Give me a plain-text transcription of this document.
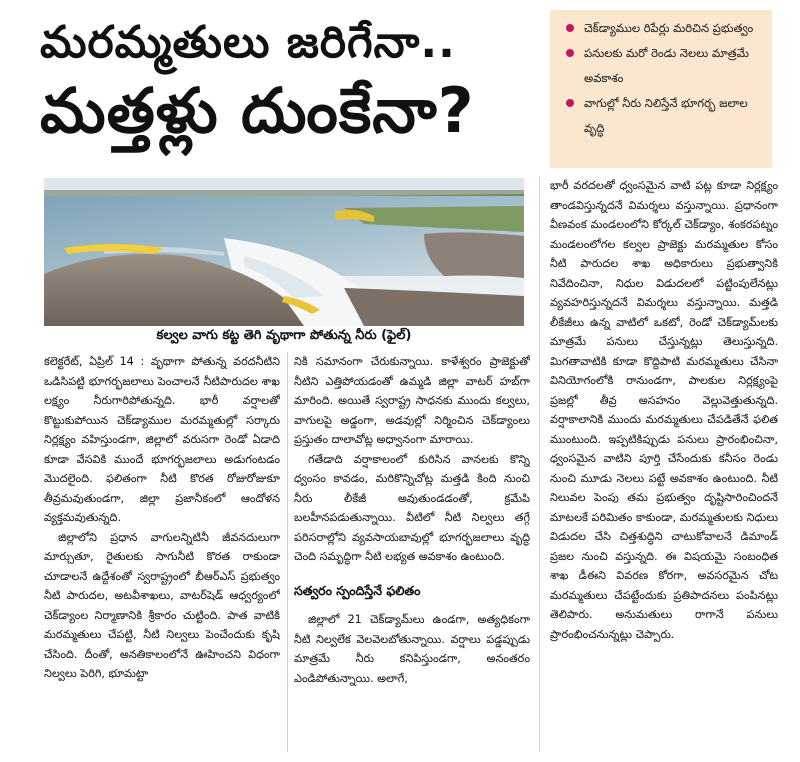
మరమ్మతులు జరిగేనా..
మత్తళ్లు దుంకేనా?
చెక్‌డ్యాముల రిపేర్లు మరిచిన ప్రభుత్వం
పనులకు మరో రెండు నెలలు మాత్రమే అవకాశం
వాగుల్లో నీరు నిలిస్తేనే భూగర్భ జలాల వృద్ధి
కల్వల వాగు కట్ట తెగి వృథాగా పోతున్న నీరు (ఫైల్)

కలెక్టరేట్, ఏప్రిల్ 14 : వృథాగా పోతున్న వరదనీటిని ఒడిసిపట్టి భూగర్భజలాలు పెంచాలనే నీటిపారుదల శాఖ లక్ష్యం నీరుగారిపోతున్నది. భారీ వర్షాలతో కొట్టుకుపోయిన చెక్‌డ్యాముల మరమ్మతుల్లో సర్కారు నిర్లక్ష్యం వహిస్తుండగా, జిల్లాలో వరుసగా రెండో ఏడాది కూడా వేసవికి ముందే భూగర్భజలాలు అడుగంటడం మొదలైంది. ఫలితంగా నీటి కొరత రోజురోజుకూ తీవ్రమవుతుండగా, జిల్లా ప్రజానీకంలో ఆందోళన వ్యక్తమవుతున్నది.

జిల్లాలోని ప్రధాన వాగులన్నిటినీ జీవనదులుగా మార్చుతూ, రైతులకు సాగునీటి కొరత రాకుండా చూడాలనే ఉద్దేశంతో స్వరాష్ట్రంలో బీఆర్‌ఎస్ ప్రభుత్వం నీటి పారుదల, అటవీశాఖలు, వాటర్‌షెడ్ ఆధ్వర్యంలో చెక్‌డ్యాంల నిర్మాణానికి శ్రీకారం చుట్టింది. పాత వాటికి మరమ్మతులు చేపట్టి, నీటి నిల్వలు పెంచేందుకు కృషి చేసింది. దీంతో, అనతికాలంలోనే ఊహించని విధంగా నిల్వలు పెరిగి, భూమట్టా

నికి సమానంగా చేరుకున్నాయి. కాళేశ్వరం ప్రాజెక్టుతో నీటిని ఎత్తిపోయడంతో ఉమ్మడి జిల్లా వాటర్ హబ్‌గా మారింది. అయితే స్వరాష్ట్ర సాధనకు ముందు కల్వలు, వాగులపై అడ్డంగా, అడవుల్లో నిర్మించిన చెక్‌డ్యాంలు ప్రస్తుతం దాలావోట్ల అధ్వానంగా మారాయి.

గతేడాది వర్షాకాలంలో కురిసిన వానలకు కొన్ని ధ్వంసం కావడం, మరికొన్నిచోట్ల మత్తడి కింది నుంచి నీరు లీకేజీ అవుతుండడంతో, క్రమేపి బలహీనపడుతున్నాయి. వీటిలో నీటి నిల్వలు తగ్గే పరిసరాల్లోని వ్యవసాయబావుల్లో భూగర్భజలాలు వృద్ధి చెంది సమృద్ధిగా నీటి లభ్యత అవకాశం ఉంటుంది.

సత్వరం స్పందిస్తేనే ఫలితం

జిల్లాలో 21 చెక్‌డ్యామ్‌లు ఉండగా, అత్యధికంగా నీటి నిల్వలేక వెలవెలబోతున్నాయి. వర్షాలు పడ్డప్పుడు మాత్రమే నీరు కనిపిస్తుండగా, అనంతరం ఎండిపోతున్నాయి. అలాగే,

భారీ వరదలతో ధ్వంసమైన వాటి పట్ల కూడా నిర్లక్ష్యం తాండవిస్తున్నదనే విమర్శలు వస్తున్నాయి. ప్రధానంగా వీణవంక మండలంలోని కోర్కల్ చెక్‌డ్యాం, శంకరపట్నం మండలంలోగల కల్వల ప్రాజెక్టు మరమ్మతుల కోసం నీటి పారుదల శాఖ అధికారులు ప్రభుత్వానికి నివేదించినా, నిధుల విడుదలలో పట్టింపులేనట్లు వ్యవహరిస్తున్నదనే విమర్శలు వస్తున్నాయి. మత్తడి లీకేజీలు ఉన్న వాటిలో ఒకటో, రెండో చెక్‌డ్యామ్‌లకు మాత్రమే పనులు చేస్తున్నట్లు తెలుస్తున్నది. మిగతావాటికి కూడా కొద్దిపాటి మరమ్మతులు చేసినా వినియోగంలోకి రానుండగా, పాలకుల నిర్లక్ష్యంపై ప్రజల్లో తీవ్ర అసహనం వెల్లువెత్తుతున్నది. వర్షాకాలానికి ముందు మరమ్మతులు చేపడితేనే ఫలిత ముంటుంది. ఇప్పటికిప్పుడు పనులు ప్రారంభించినా, ధ్వంసమైన వాటిని పూర్తి చేసేందుకు కనీసం రెండు నుంచి మూడు నెలలు పట్టే అవకాశం ఉంటుంది. నీటి నిలువల పెంపు తమ ప్రభుత్వం దృష్టిసారించిందనే మాటలకే పరిమితం కాకుండా, మరమ్మతులకు నిధులు విడుదల చేసి చిత్తశుద్ధిని చాటుకోవాలనే డిమాండ్ ప్రజల నుంచి వస్తున్నది. ఈ విషయమై సంబంధిత శాఖ డీఈని వివరణ కోరగా, అవసరమైన చోట మరమ్మతులు చేపట్టేందుకు ప్రతిపాదనలు పంపినట్లు తెలిపారు. అనుమతులు రాగానే పనులు ప్రారంభించనున్నట్లు చెప్పారు.
